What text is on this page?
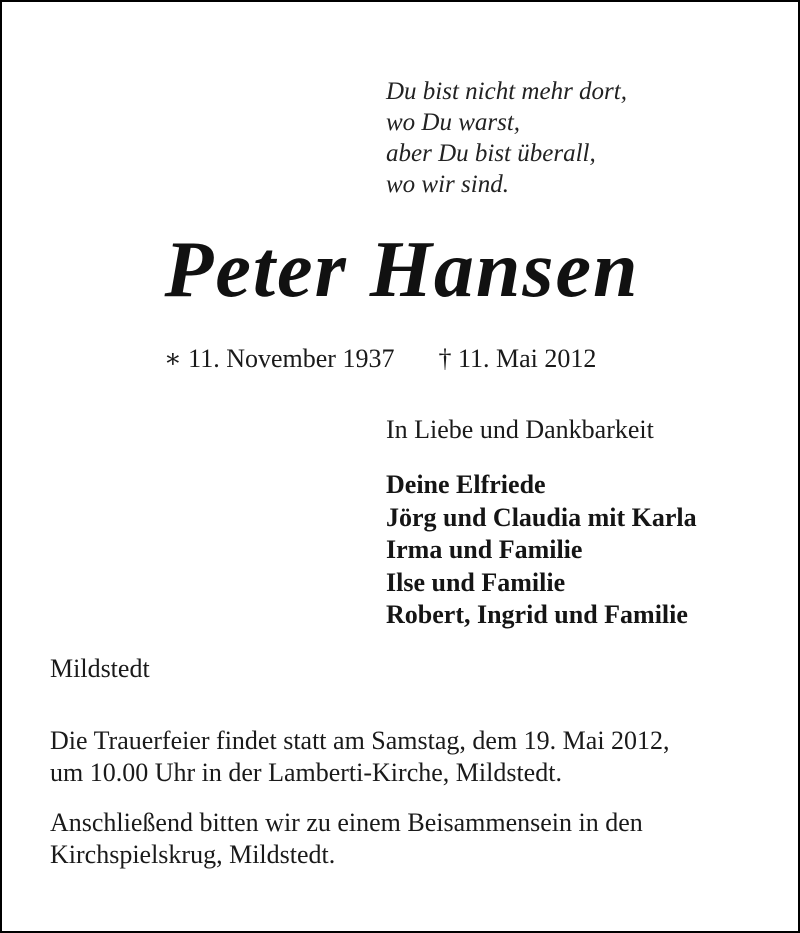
Du bist nicht mehr dort,
wo Du warst,
aber Du bist überall,
wo wir sind.
Peter Hansen
∗ 11. November 1937 † 11. Mai 2012
In Liebe und Dankbarkeit
Deine Elfriede
Jörg und Claudia mit Karla
Irma und Familie
Ilse und Familie
Robert, Ingrid und Familie
Mildstedt
Die Trauerfeier findet statt am Samstag, dem 19. Mai 2012,
um 10.00 Uhr in der Lamberti-Kirche, Mildstedt.
Anschließend bitten wir zu einem Beisammensein in den
Kirchspielskrug, Mildstedt.
